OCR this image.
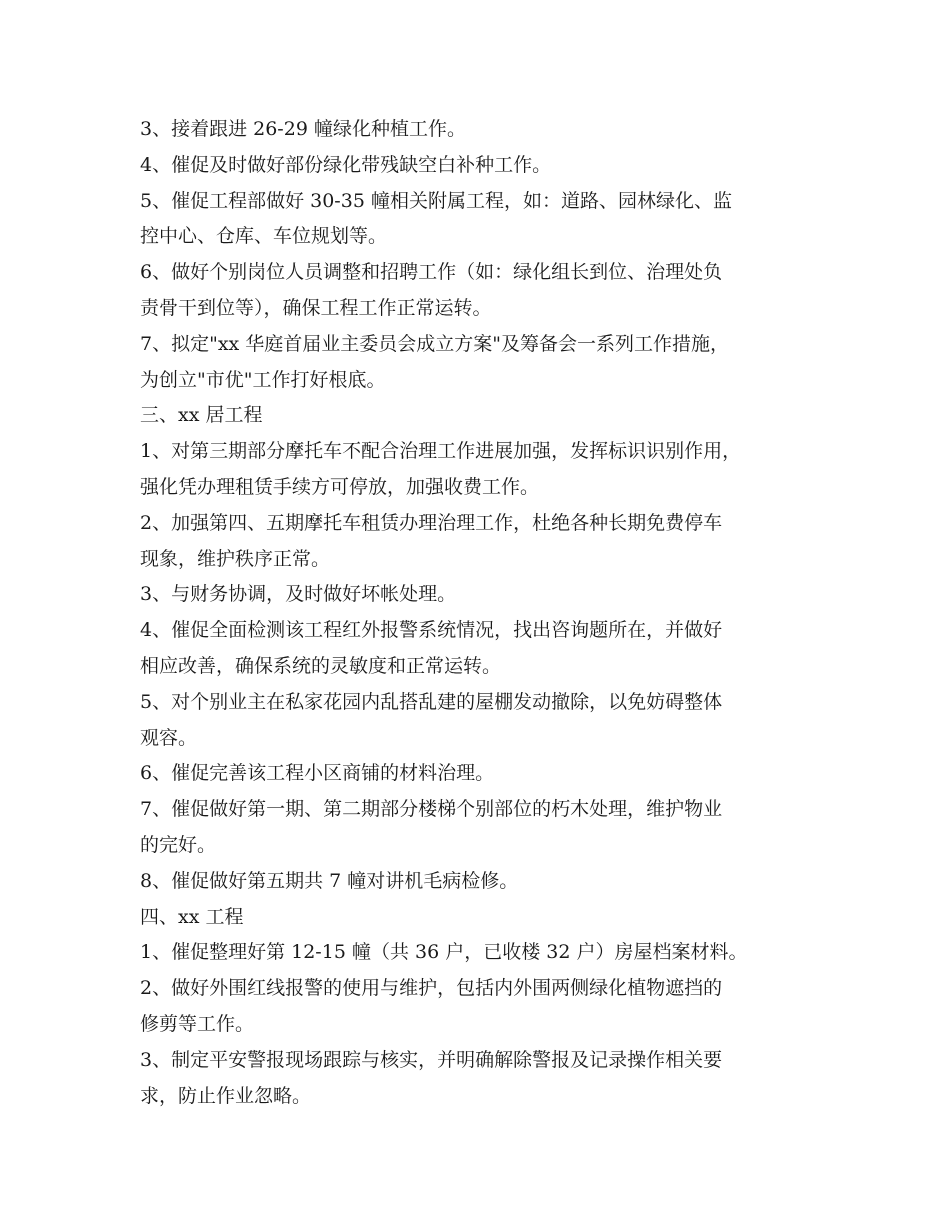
3、接着跟进 26-29 幢绿化种植工作。
4、催促及时做好部份绿化带残缺空白补种工作。
5、催促工程部做好 30-35 幢相关附属工程，如：道路、园林绿化、监
控中心、仓库、车位规划等。
6、做好个别岗位人员调整和招聘工作（如：绿化组长到位、治理处负
责骨干到位等），确保工程工作正常运转。
7、拟定"xx 华庭首届业主委员会成立方案"及筹备会一系列工作措施，
为创立"市优"工作打好根底。
三、xx 居工程
1、对第三期部分摩托车不配合治理工作进展加强，发挥标识识别作用，
强化凭办理租赁手续方可停放，加强收费工作。
2、加强第四、五期摩托车租赁办理治理工作，杜绝各种长期免费停车
现象，维护秩序正常。
3、与财务协调，及时做好坏帐处理。
4、催促全面检测该工程红外报警系统情况，找出咨询题所在，并做好
相应改善，确保系统的灵敏度和正常运转。
5、对个别业主在私家花园内乱搭乱建的屋棚发动撤除，以免妨碍整体
观容。
6、催促完善该工程小区商铺的材料治理。
7、催促做好第一期、第二期部分楼梯个别部位的朽木处理，维护物业
的完好。
8、催促做好第五期共 7 幢对讲机毛病检修。
四、xx 工程
1、催促整理好第 12-15 幢（共 36 户，已收楼 32 户）房屋档案材料。
2、做好外围红线报警的使用与维护，包括内外围两侧绿化植物遮挡的
修剪等工作。
3、制定平安警报现场跟踪与核实，并明确解除警报及记录操作相关要
求，防止作业忽略。
